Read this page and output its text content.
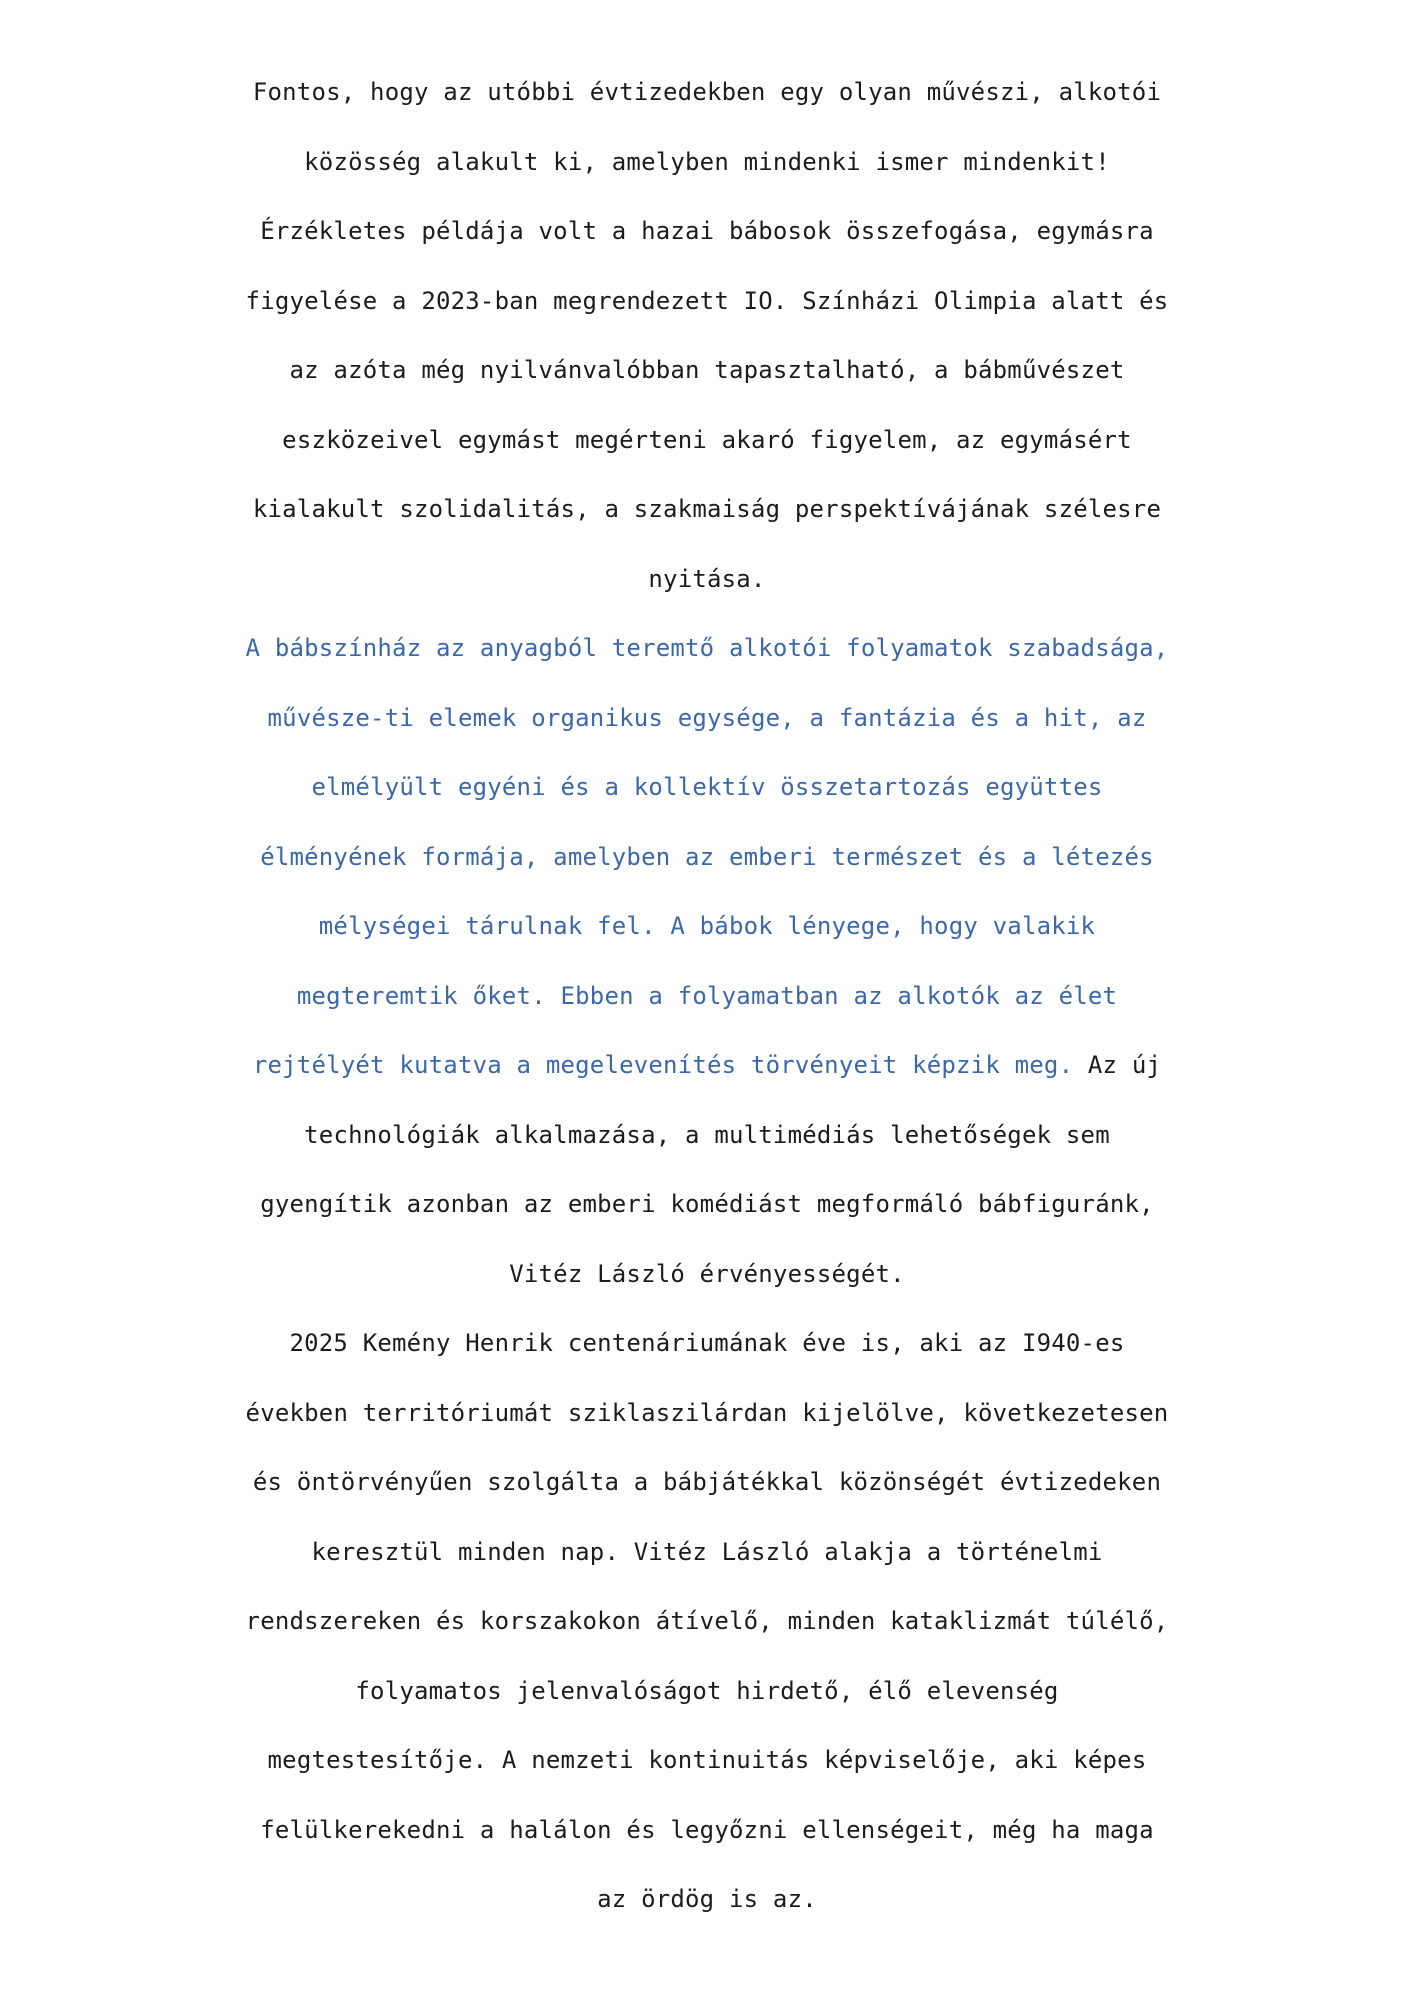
Fontos, hogy az utóbbi évtizedekben egy olyan művészi, alkotói
közösség alakult ki, amelyben mindenki ismer mindenkit!
Érzékletes példája volt a hazai bábosok összefogása, egymásra
figyelése a 2023-ban megrendezett IO. Színházi Olimpia alatt és
az azóta még nyilvánvalóbban tapasztalható, a bábművészet
eszközeivel egymást megérteni akaró figyelem, az egymásért
kialakult szolidalitás, a szakmaiság perspektívájának szélesre
nyitása.
A bábszínház az anyagból teremtő alkotói folyamatok szabadsága,
művésze-ti elemek organikus egysége, a fantázia és a hit, az
elmélyült egyéni és a kollektív összetartozás együttes
élményének formája, amelyben az emberi természet és a létezés
mélységei tárulnak fel. A bábok lényege, hogy valakik
megteremtik őket. Ebben a folyamatban az alkotók az élet
rejtélyét kutatva a megelevenítés törvényeit képzik meg. Az új
technológiák alkalmazása, a multimédiás lehetőségek sem
gyengítik azonban az emberi komédiást megformáló bábfiguránk,
Vitéz László érvényességét.
2025 Kemény Henrik centenáriumának éve is, aki az I940-es
években territóriumát sziklaszilárdan kijelölve, következetesen
és öntörvényűen szolgálta a bábjátékkal közönségét évtizedeken
keresztül minden nap. Vitéz László alakja a történelmi
rendszereken és korszakokon átívelő, minden kataklizmát túlélő,
folyamatos jelenvalóságot hirdető, élő elevenség
megtestesítője. A nemzeti kontinuitás képviselője, aki képes
felülkerekedni a halálon és legyőzni ellenségeit, még ha maga
az ördög is az.
